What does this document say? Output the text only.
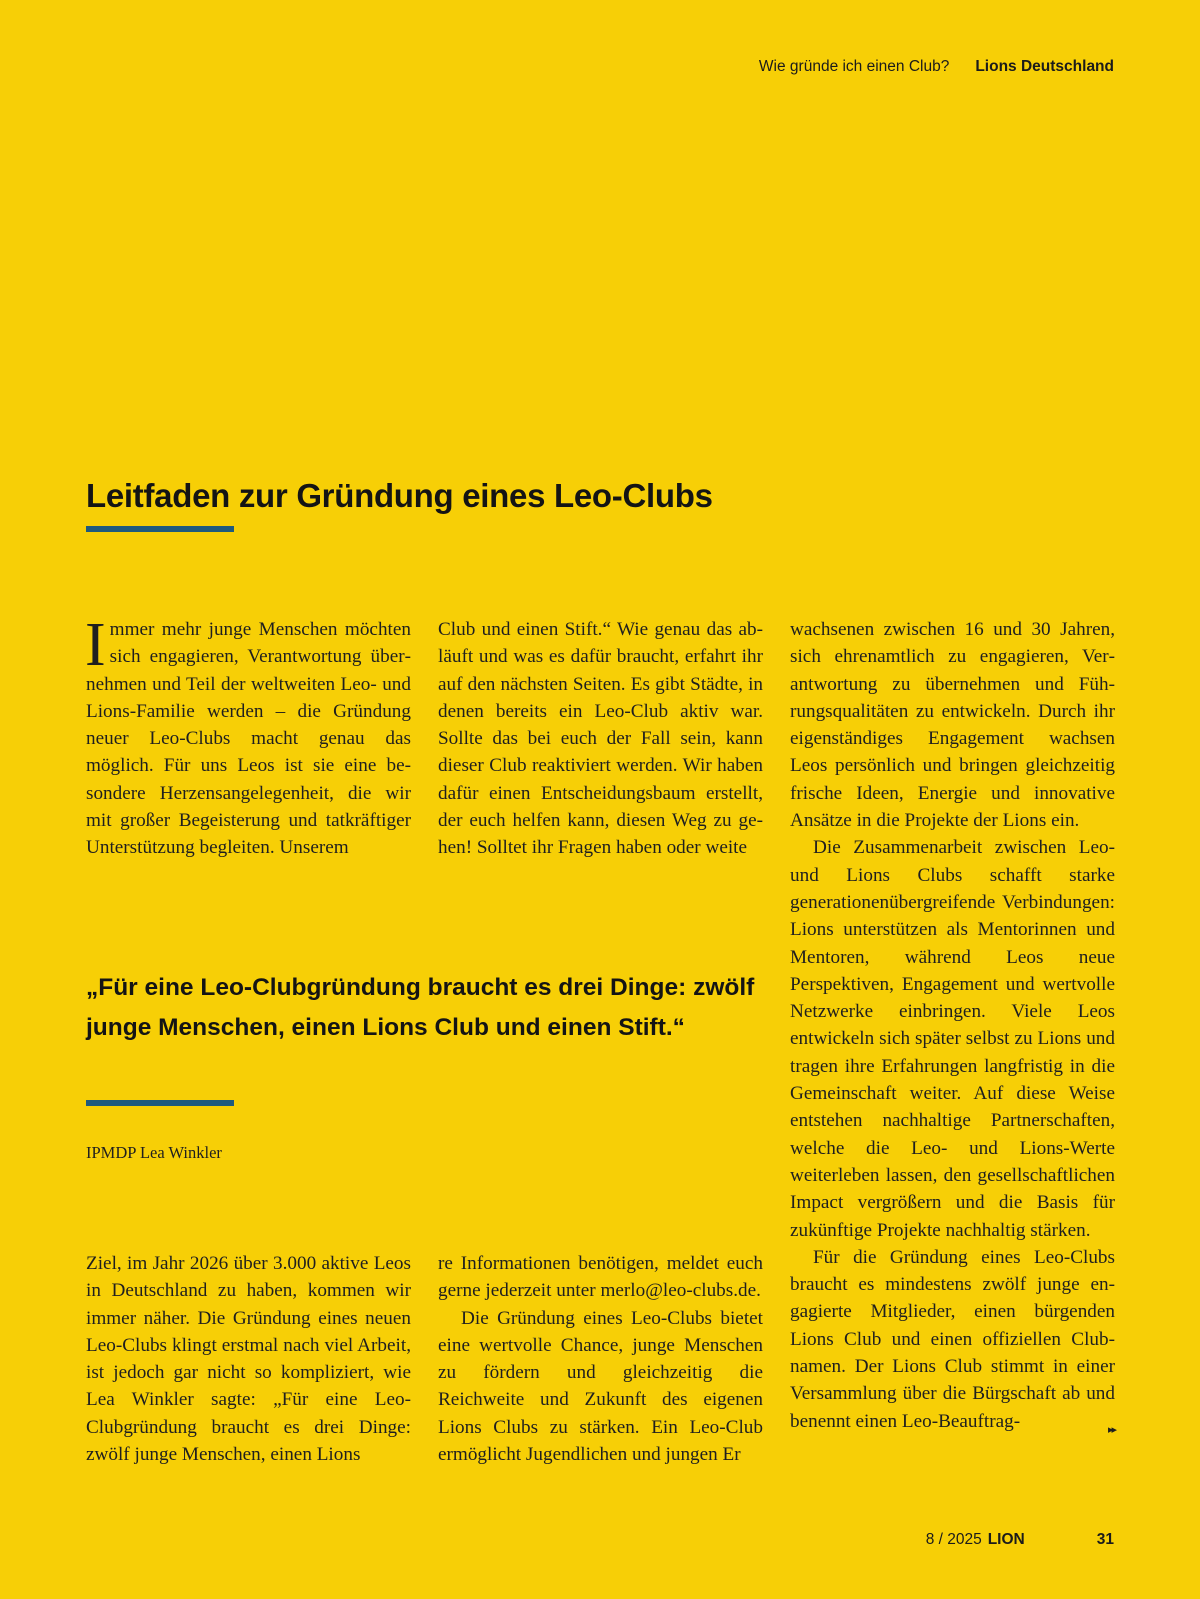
Wie gründe ich einen Club? Lions Deutschland
Leitfaden zur Gründung eines Leo-Clubs

Immer mehr junge Menschen möchten sich engagieren, Verantwortung übernehmen und Teil der weltweiten Leo- und Lions-Familie werden – die Gründung neuer Leo-Clubs macht genau das möglich. Für uns Leos ist sie eine besondere Herzensangelegenheit, die wir mit großer Begeisterung und tatkräftiger Unterstützung begleiten. Unserem

Club und einen Stift.“ Wie genau das abläuft und was es dafür braucht, erfahrt ihr auf den nächsten Seiten. Es gibt Städte, in denen bereits ein Leo-Club aktiv war. Sollte das bei euch der Fall sein, kann dieser Club reaktiviert werden. Wir haben dafür einen Entscheidungsbaum erstellt, der euch helfen kann, diesen Weg zu gehen! Solltet ihr Fragen haben oder weite

„Für eine Leo-Clubgründung braucht es drei Dinge: zwölf junge Menschen, einen Lions Club und einen Stift.“
IPMDP Lea Winkler

Ziel, im Jahr 2026 über 3.000 aktive Leos in Deutschland zu haben, kommen wir immer näher. Die Gründung eines neuen Leo-Clubs klingt erstmal nach viel Arbeit, ist jedoch gar nicht so kompliziert, wie Lea Winkler sagte: „Für eine Leo-Clubgründung braucht es drei Dinge: zwölf junge Menschen, einen Lions

re Informationen benötigen, meldet euch gerne jederzeit unter merlo@leo-clubs.de.

Die Gründung eines Leo-Clubs bietet eine wertvolle Chance, junge Menschen zu fördern und gleichzeitig die Reichweite und Zukunft des eigenen Lions Clubs zu stärken. Ein Leo-Club ermöglicht Jugendlichen und jungen Er

wachsenen zwischen 16 und 30 Jahren, sich ehrenamtlich zu engagieren, Verantwortung zu übernehmen und Führungsqualitäten zu entwickeln. Durch ihr eigenständiges Engagement wachsen Leos persönlich und bringen gleichzeitig frische Ideen, Energie und innovative Ansätze in die Projekte der Lions ein.

Die Zusammenarbeit zwischen Leo- und Lions Clubs schafft starke generationenübergreifende Verbindungen: Lions unterstützen als Mentorinnen und Mentoren, während Leos neue Perspektiven, Engagement und wertvolle Netzwerke einbringen. Viele Leos entwickeln sich später selbst zu Lions und tragen ihre Erfahrungen langfristig in die Gemeinschaft weiter. Auf diese Weise entstehen nachhaltige Partnerschaften, welche die Leo- und Lions-Werte weiterleben lassen, den gesellschaftlichen Impact vergrößern und die Basis für zukünftige Projekte nachhaltig stärken.

Für die Gründung eines Leo-Clubs braucht es mindestens zwölf junge engagierte Mitglieder, einen bürgenden Lions Club und einen offiziellen Clubnamen. Der Lions Club stimmt in einer Versammlung über die Bürgschaft ab und benennt einen Leo-Beauftrag-	▸▸

8 / 2025 LION	31
